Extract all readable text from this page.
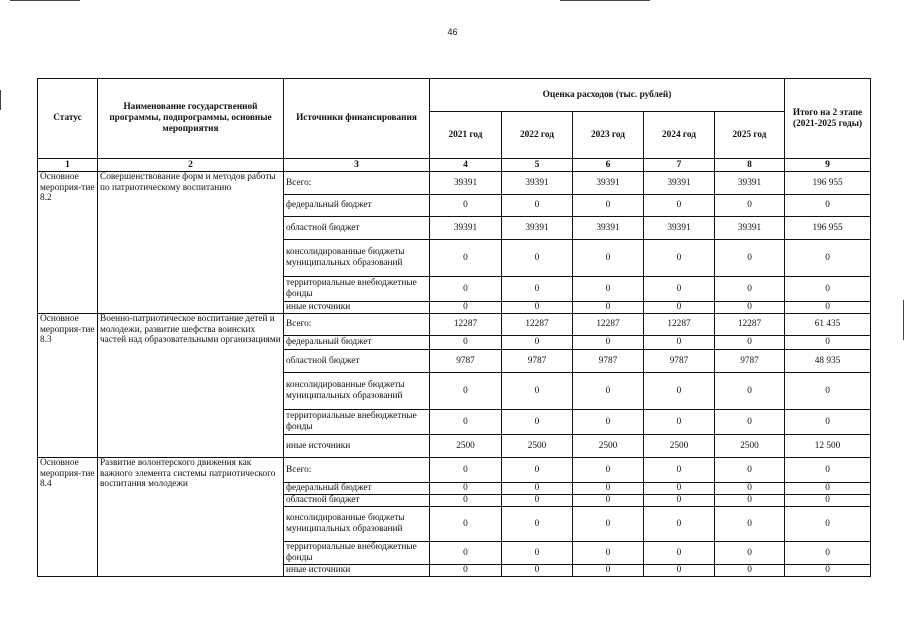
46
Статус	Наименование государственной программы, подпрограммы, основные мероприятия	Источники финансирования	Оценка расходов (тыс. рублей)					Итого на 2 этапе (2021-2025 годы)
			2021 год	2022 год	2023 год	2024 год	2025 год	
1	2	3	4	5	6	7	8	9
Основное мероприя-тие 8.2	Совершенствование форм и методов работы по патриотическому воспитанию	Всего:	39391	39391	39391	39391	39391	196 955
		федеральный бюджет	0	0	0	0	0	0
		областной бюджет	39391	39391	39391	39391	39391	196 955
		консолидированные бюджеты муниципальных образований	0	0	0	0	0	0
		территориальные внебюджетные фонды	0	0	0	0	0	0
		иные источники	0	0	0	0	0	0
Основное мероприя-тие 8.3	Военно-патриотическое воспитание детей и молодежи, развитие шефства воинских частей над образовательными организациями	Всего:	12287	12287	12287	12287	12287	61 435
		федеральный бюджет	0	0	0	0	0	0
		областной бюджет	9787	9787	9787	9787	9787	48 935
		консолидированные бюджеты муниципальных образований	0	0	0	0	0	0
		территориальные внебюджетные фонды	0	0	0	0	0	0
		иные источники	2500	2500	2500	2500	2500	12 500
Основное мероприя-тие 8.4	Развитие волонтерского движения как важного элемента системы патриотического воспитания молодежи	Всего:	0	0	0	0	0	0
		федеральный бюджет	0	0	0	0	0	0
		областной бюджет	0	0	0	0	0	0
		консолидированные бюджеты муниципальных образований	0	0	0	0	0	0
		территориальные внебюджетные фонды	0	0	0	0	0	0
		иные источники	0	0	0	0	0	0
